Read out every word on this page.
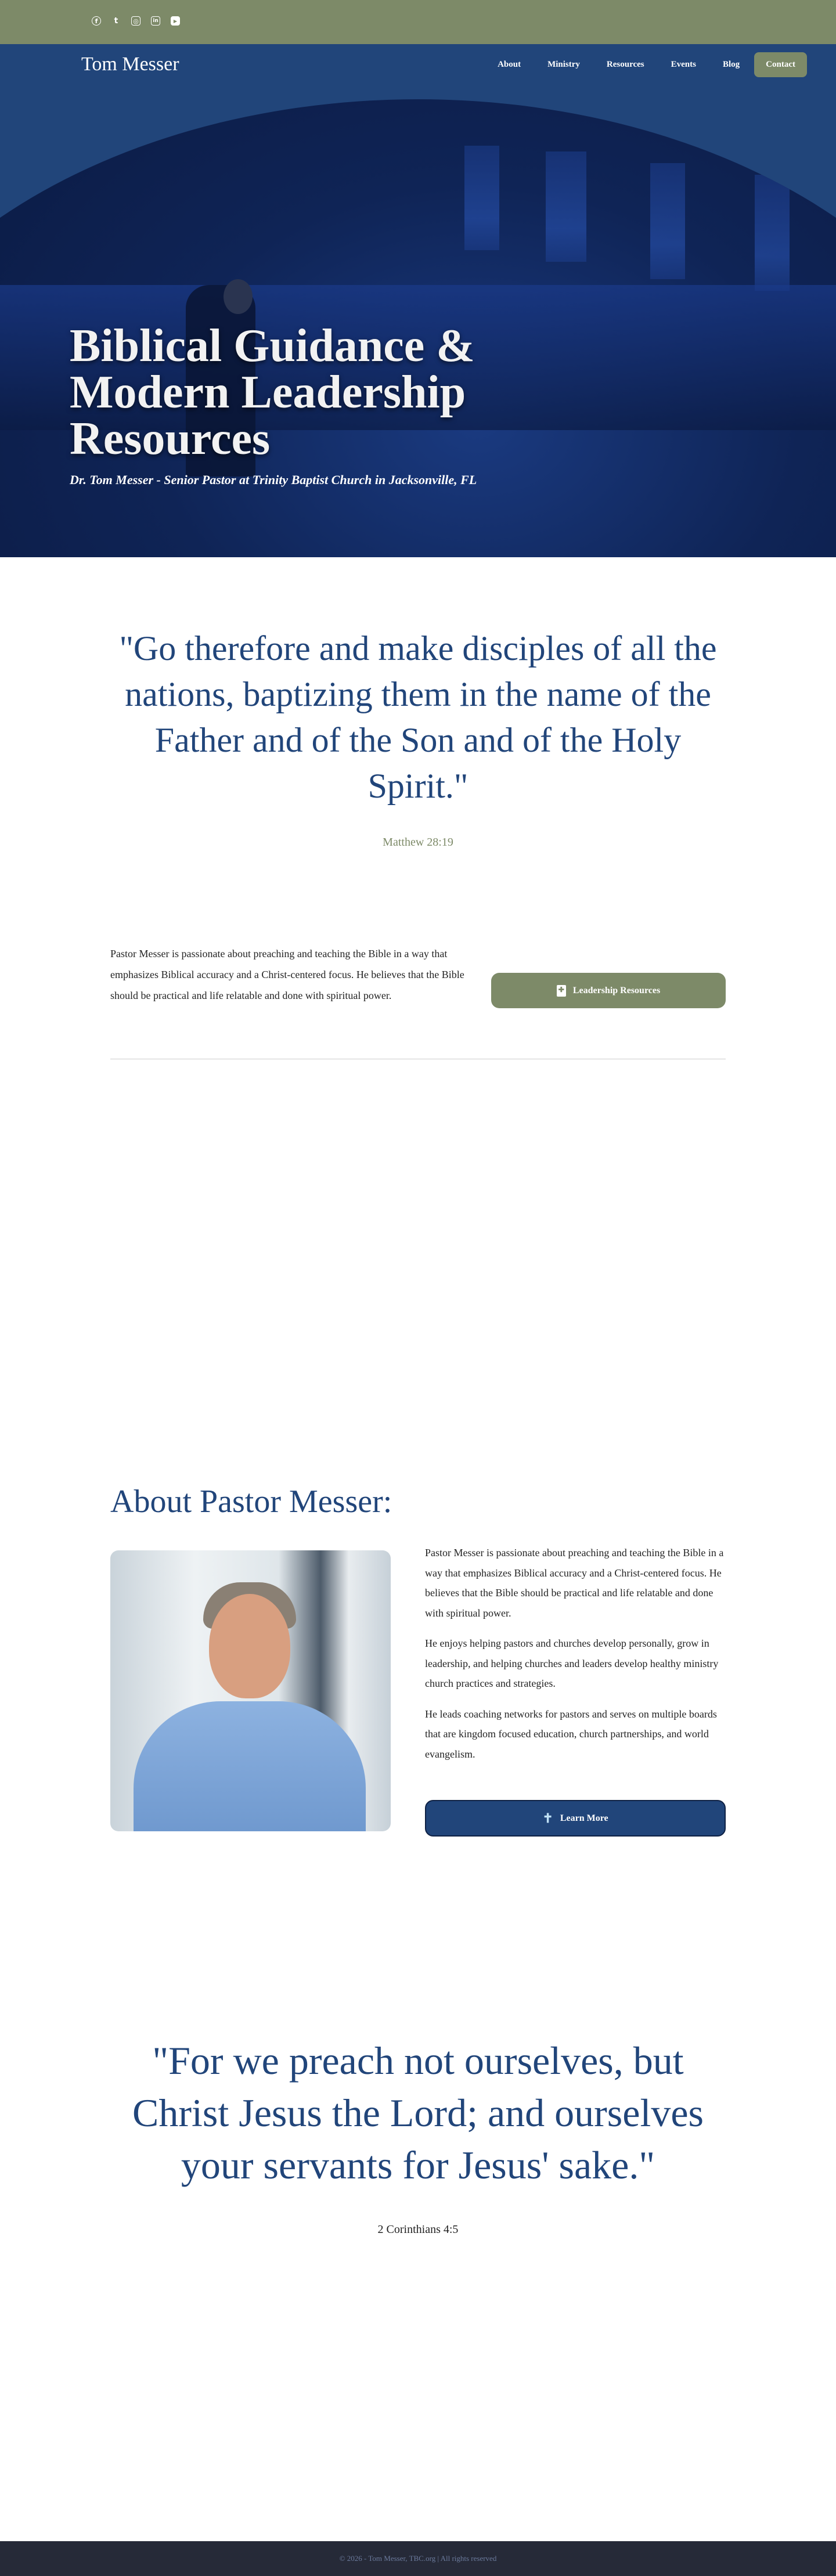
f	t	◎	in	▶
Tom Messer	About	Ministry	Resources	Events	Blog	Contact
Biblical Guidance & Modern Leadership Resources
Dr. Tom Messer - Senior Pastor at Trinity Baptist Church in Jacksonville, FL
"Go therefore and make disciples of all the nations, baptizing them in the name of the Father and of the Son and of the Holy Spirit."
Matthew 28:19
Pastor Messer is passionate about preaching and teaching the Bible in a way that emphasizes Biblical accuracy and a Christ-centered focus. He believes that the Bible should be practical and life relatable and done with spiritual power.
✚ Leadership Resources
About Pastor Messer:

Pastor Messer is passionate about preaching and teaching the Bible in a way that emphasizes Biblical accuracy and a Christ-centered focus. He believes that the Bible should be practical and life relatable and done with spiritual power.

He enjoys helping pastors and churches develop personally, grow in leadership, and helping churches and leaders develop healthy ministry church practices and strategies.

He leads coaching networks for pastors and serves on multiple boards that are kingdom focused education, church partnerships, and world evangelism.

✝ Learn More
"For we preach not ourselves, but Christ Jesus the Lord; and ourselves your servants for Jesus' sake."
2 Corinthians 4:5
© 2026 - Tom Messer, TBC.org | All rights reserved
